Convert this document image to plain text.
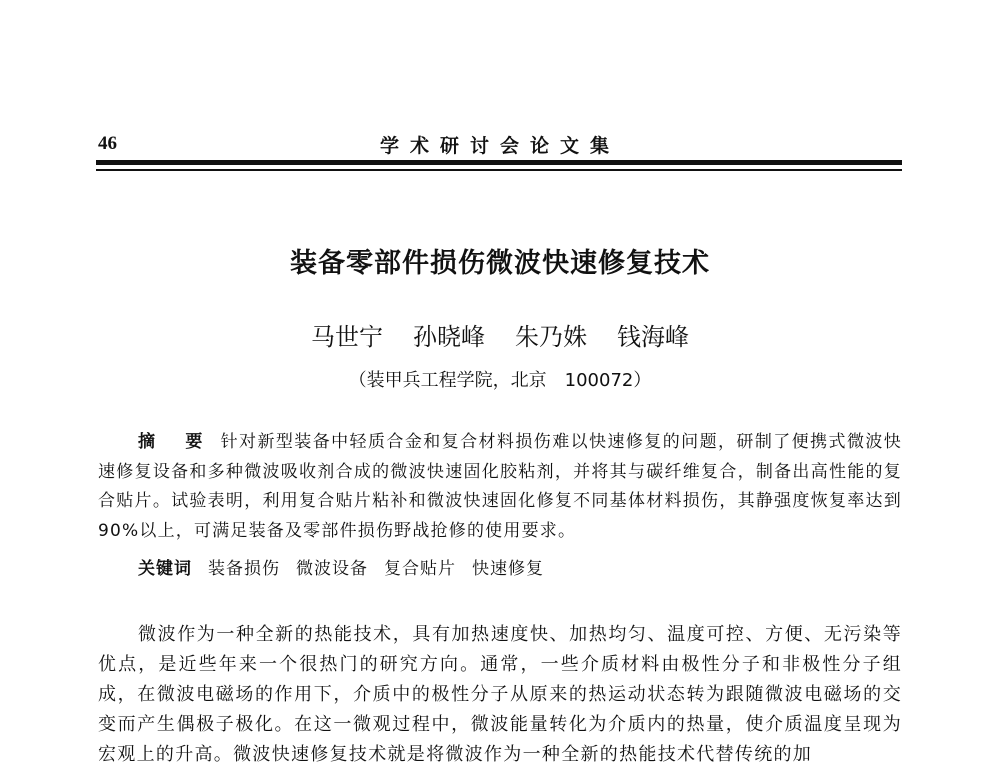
46	学术研讨会论文集
装备零部件损伤微波快速修复技术
马世宁 孙晓峰 朱乃姝 钱海峰
（装甲兵工程学院，北京　100072）
摘 要 针对新型装备中轻质合金和复合材料损伤难以快速修复的问题，研制了便携式微波快速修复设备和多种微波吸收剂合成的微波快速固化胶粘剂，并将其与碳纤维复合，制备出高性能的复合贴片。试验表明，利用复合贴片粘补和微波快速固化修复不同基体材料损伤，其静强度恢复率达到90%以上，可满足装备及零部件损伤野战抢修的使用要求。
关键词 装备损伤 微波设备 复合贴片 快速修复
微波作为一种全新的热能技术，具有加热速度快、加热均匀、温度可控、方便、无污染等优点，是近些年来一个很热门的研究方向。通常，一些介质材料由极性分子和非极性分子组成，在微波电磁场的作用下，介质中的极性分子从原来的热运动状态转为跟随微波电磁场的交变而产生偶极子极化。在这一微观过程中，微波能量转化为介质内的热量，使介质温度呈现为宏观上的升高。微波快速修复技术就是将微波作为一种全新的热能技术代替传统的加
